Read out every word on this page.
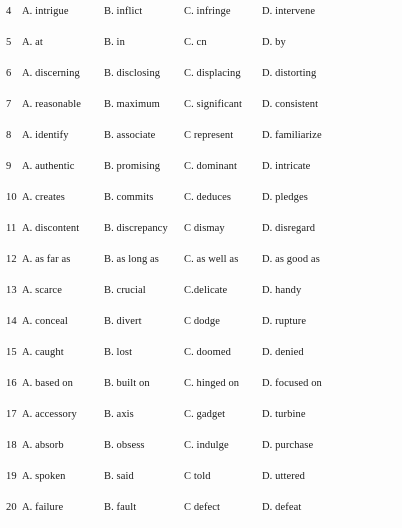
4 A. intrigue	B. inflict	C. infringe	D. intervene
5 A. at	B. in	C. cn	D. by
6 A. discerning B. disclosing C. displacing D. distorting
7 A. reasonable B. maximum C. significant D. consistent
8 A. identify	B. associate	C represent	D. familiarize
9 A. authentic	B. promising C. dominant D. intricate
10 A. creates	B. commits	C. deduces	D. pledges
11 A. discontent B. discrepancy C dismay	D. disregard
12 A. as far as	B. as long as C. as well as D. as good as
13 A. scarce	B. crucial	C.delicate	D. handy
14 A. conceal	B. divert	C dodge	D. rupture
15 A. caught	B. lost	C. doomed	D. denied
16 A. based on	B. built on	C. hinged on D. focused on
17 A. accessory	B. axis	C. gadget	D. turbine
18 A. absorb	B. obsess	C. indulge	D. purchase
19 A. spoken	B. said	C told	D. uttered
20 A. failure	B. fault	C defect	D. defeat
